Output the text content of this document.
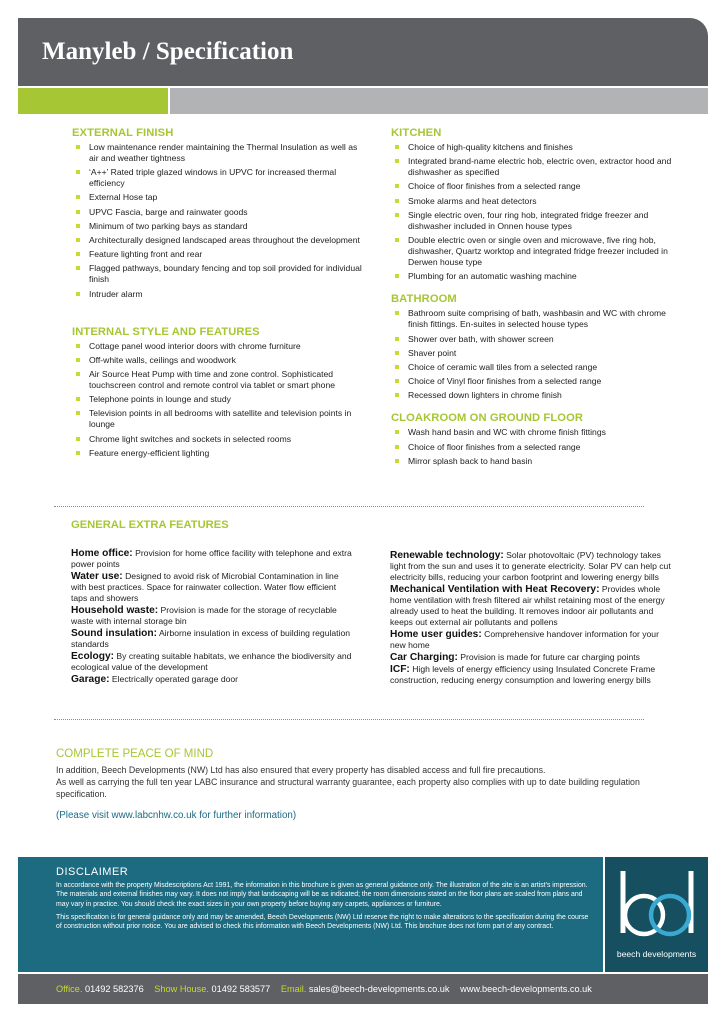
Manyleb / Specification
EXTERNAL FINISH
Low maintenance render maintaining the Thermal Insulation as well as air and weather tightness
‘A++’ Rated triple glazed windows in UPVC for increased thermal efficiency
External Hose tap
UPVC Fascia, barge and rainwater goods
Minimum of two parking bays as standard
Architecturally designed landscaped areas throughout the development
Feature lighting front and rear
Flagged pathways, boundary fencing and top soil provided for individual finish
Intruder alarm
INTERNAL STYLE AND FEATURES
Cottage panel wood interior doors with chrome furniture
Off-white walls, ceilings and woodwork
Air Source Heat Pump with time and zone control. Sophisticated touchscreen control and remote control via tablet or smart phone
Telephone points in lounge and study
Television points in all bedrooms with satellite and television points in lounge
Chrome light switches and sockets in selected rooms
Feature energy-efficient lighting
KITCHEN
Choice of high-quality kitchens and finishes
Integrated brand-name electric hob, electric oven, extractor hood and dishwasher as specified
Choice of floor finishes from a selected range
Smoke alarms and heat detectors
Single electric oven, four ring hob, integrated fridge freezer and dishwasher included in Onnen house types
Double electric oven or single oven and microwave, five ring hob, dishwasher, Quartz worktop and integrated fridge freezer included in Derwen house type
Plumbing for an automatic washing machine
BATHROOM
Bathroom suite comprising of bath, washbasin and WC with chrome finish fittings. En-suites in selected house types
Shower over bath, with shower screen
Shaver point
Choice of ceramic wall tiles from a selected range
Choice of Vinyl floor finishes from a selected range
Recessed down lighters in chrome finish
CLOAKROOM ON GROUND FLOOR
Wash hand basin and WC with chrome finish fittings
Choice of floor finishes from a selected range
Mirror splash back to hand basin
GENERAL EXTRA FEATURES

Home office: Provision for home office facility with telephone and extra power points

Water use: Designed to avoid risk of Microbial Contamination in line with best practices. Space for rainwater collection. Water flow efficient taps and showers

Household waste: Provision is made for the storage of recyclable waste with internal storage bin

Sound insulation: Airborne insulation in excess of building regulation standards

Ecology: By creating suitable habitats, we enhance the biodiversity and ecological value of the development

Garage: Electrically operated garage door

Renewable technology: Solar photovoltaic (PV) technology takes light from the sun and uses it to generate electricity. Solar PV can help cut electricity bills, reducing your carbon footprint and lowering energy bills

Mechanical Ventilation with Heat Recovery: Provides whole home ventilation with fresh filtered air whilst retaining most of the energy already used to heat the building. It removes indoor air pollutants and keeps out external air pollutants and pollens

Home user guides: Comprehensive handover information for your new home

Car Charging: Provision is made for future car charging points

ICF: High levels of energy efficiency using Insulated Concrete Frame construction, reducing energy consumption and lowering energy bills

COMPLETE PEACE OF MIND

In addition, Beech Developments (NW) Ltd has also ensured that every property has disabled access and full fire precautions.

As well as carrying the full ten year LABC insurance and structural warranty guarantee, each property also complies with up to date building regulation specification.

(Please visit www.labcnhw.co.uk for further information)

DISCLAIMER

In accordance with the property Misdescriptions Act 1991, the information in this brochure is given as general guidance only. The illustration of the site is an artist's impression. The materials and external finishes may vary. It does not imply that landscaping will be as indicated; the room dimensions stated on the floor plans are scaled from plans and may vary in practice. You should check the exact sizes in your own property before buying any carpets, appliances or furniture.

This specification is for general guidance only and may be amended, Beech Developments (NW) Ltd reserve the right to make alterations to the specification during the course of construction without prior notice. You are advised to check this information with Beech Developments (NW) Ltd. This brochure does not form part of any contract.

beech developments
Office. 01492 582376 Show House. 01492 583577 Email. sales@beech-developments.co.uk www.beech-developments.co.uk
